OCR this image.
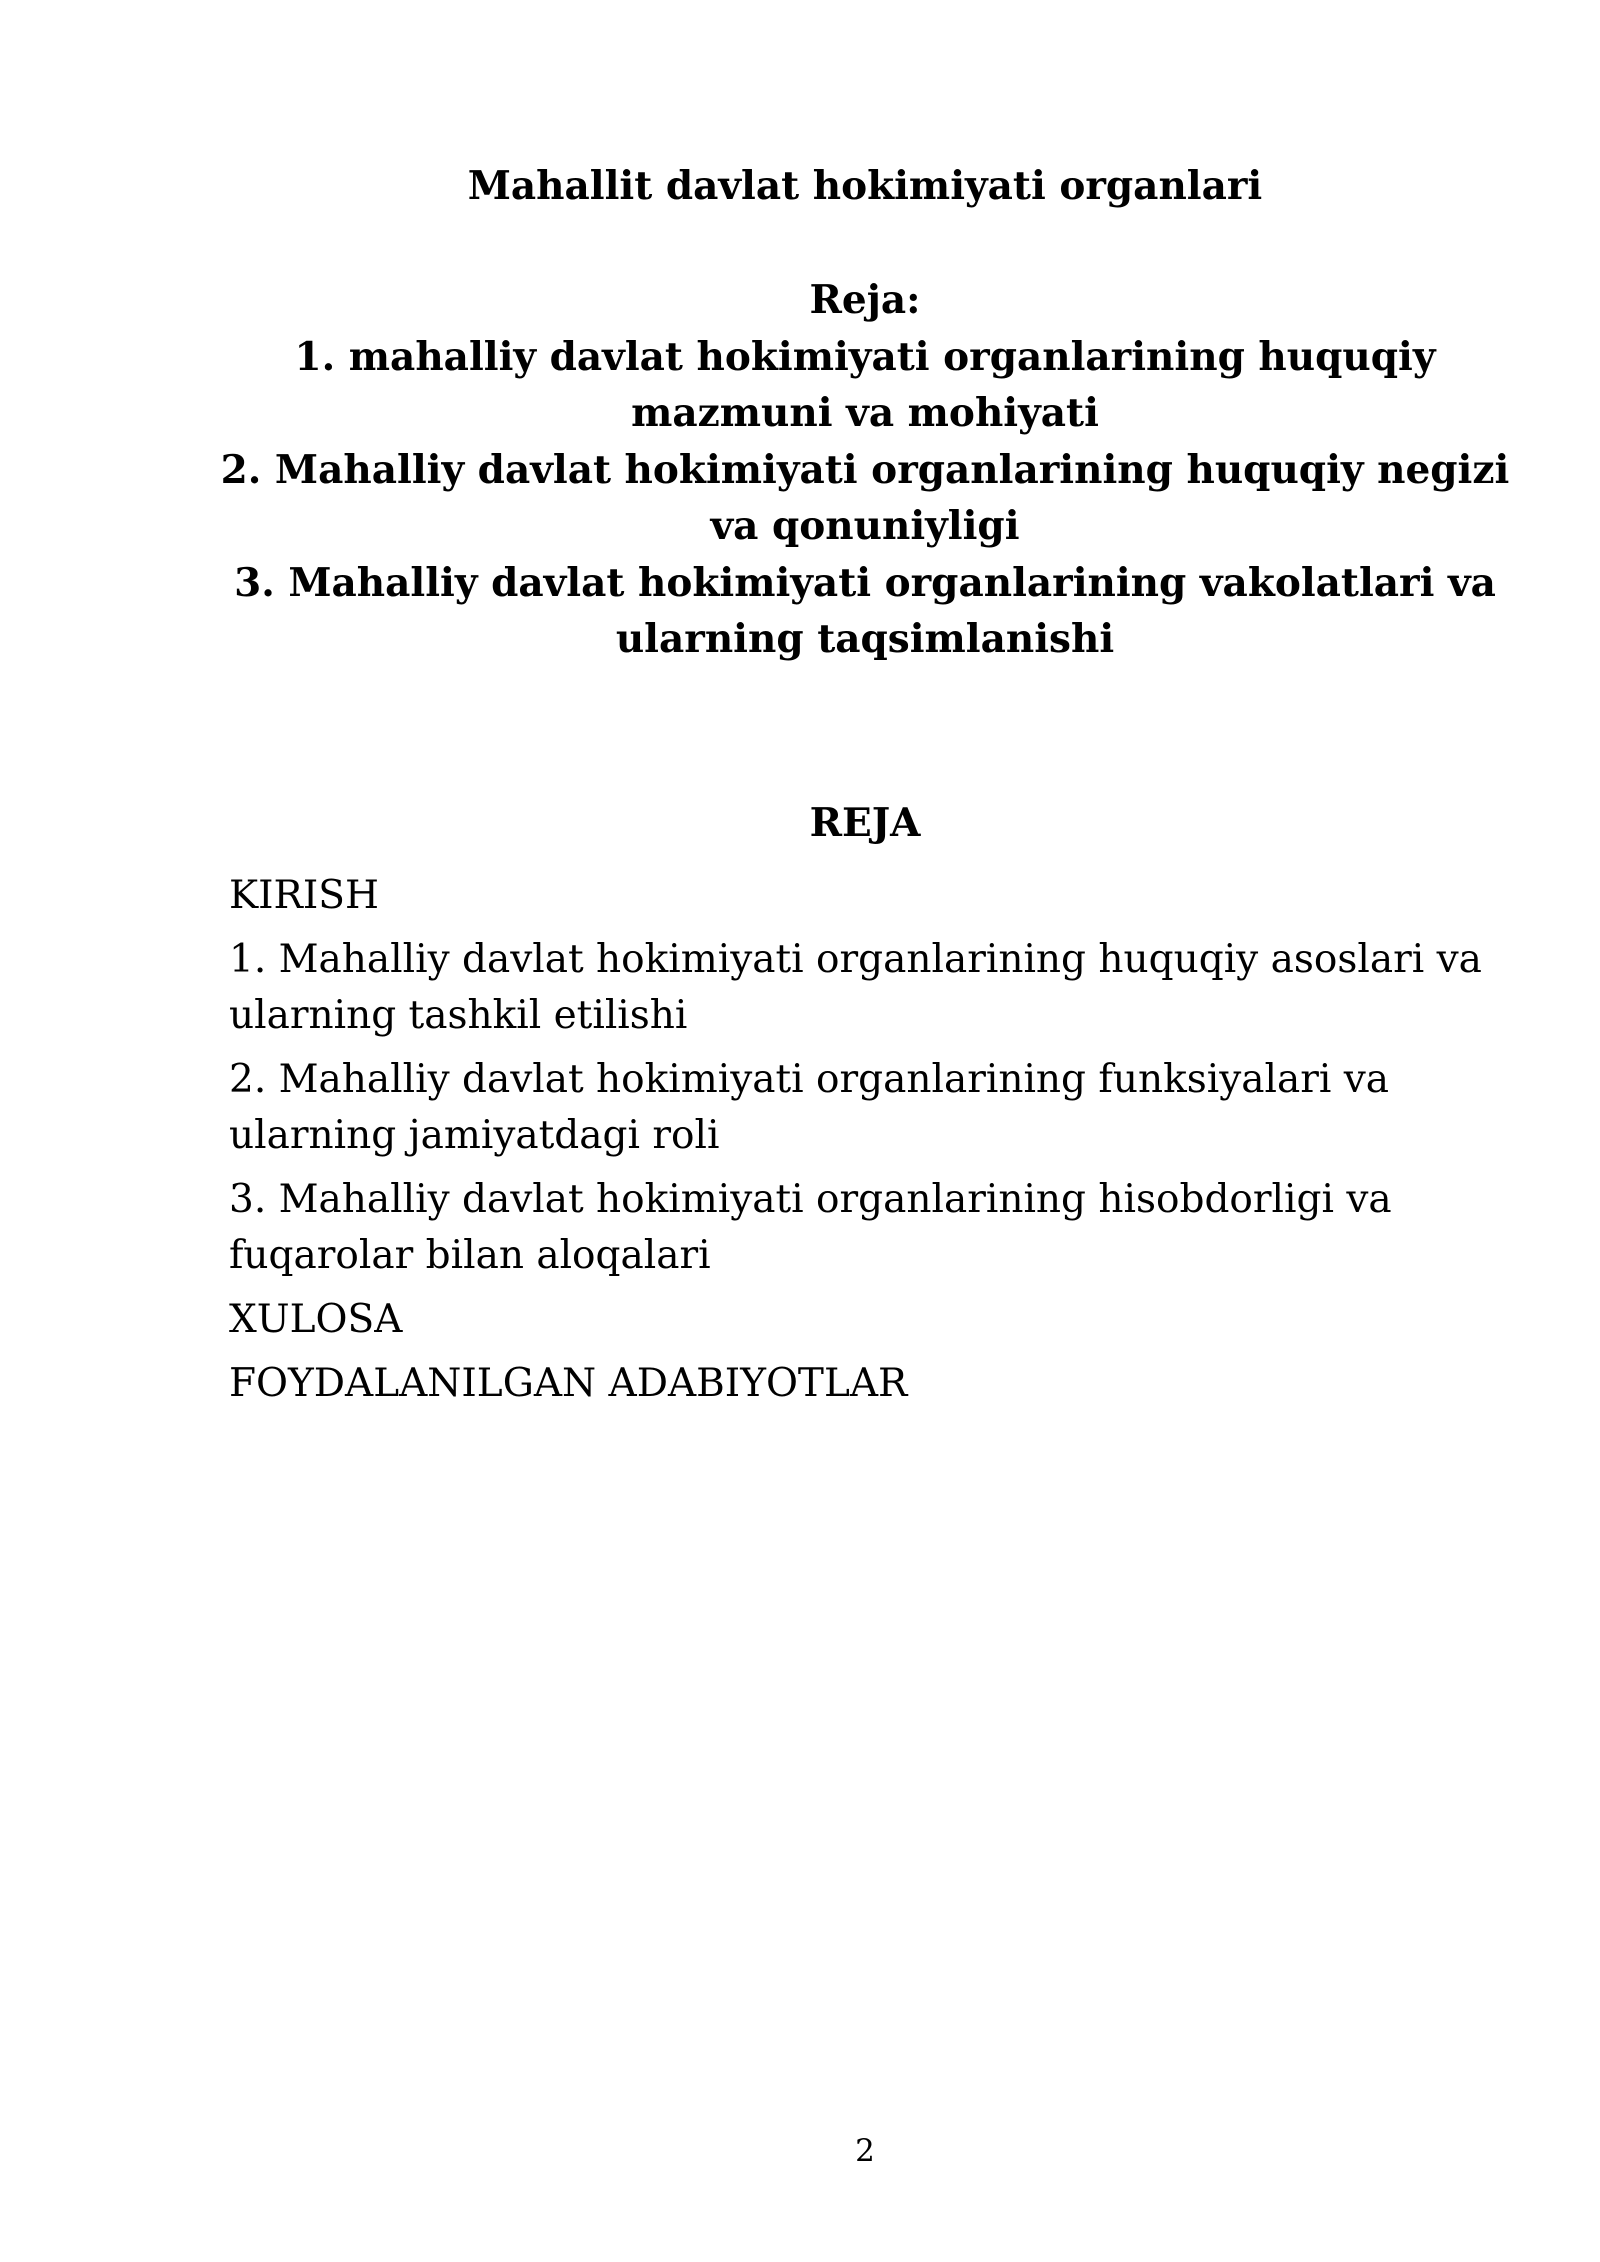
Mahallit davlat hokimiyati organlari
Reja:
1. mahalliy davlat hokimiyati organlarining huquqiy mazmuni va mohiyati
2. Mahalliy davlat hokimiyati organlarining huquqiy negizi va qonuniyligi
3. Mahalliy davlat hokimiyati organlarining vakolatlari va ularning taqsimlanishi
REJA
KIRISH
1. Mahalliy davlat hokimiyati organlarining huquqiy asoslari va ularning tashkil etilishi
2. Mahalliy davlat hokimiyati organlarining funksiyalari va ularning jamiyatdagi roli
3. Mahalliy davlat hokimiyati organlarining hisobdorligi va fuqarolar bilan aloqalari
XULOSA
FOYDALANILGAN ADABIYOTLAR
2
